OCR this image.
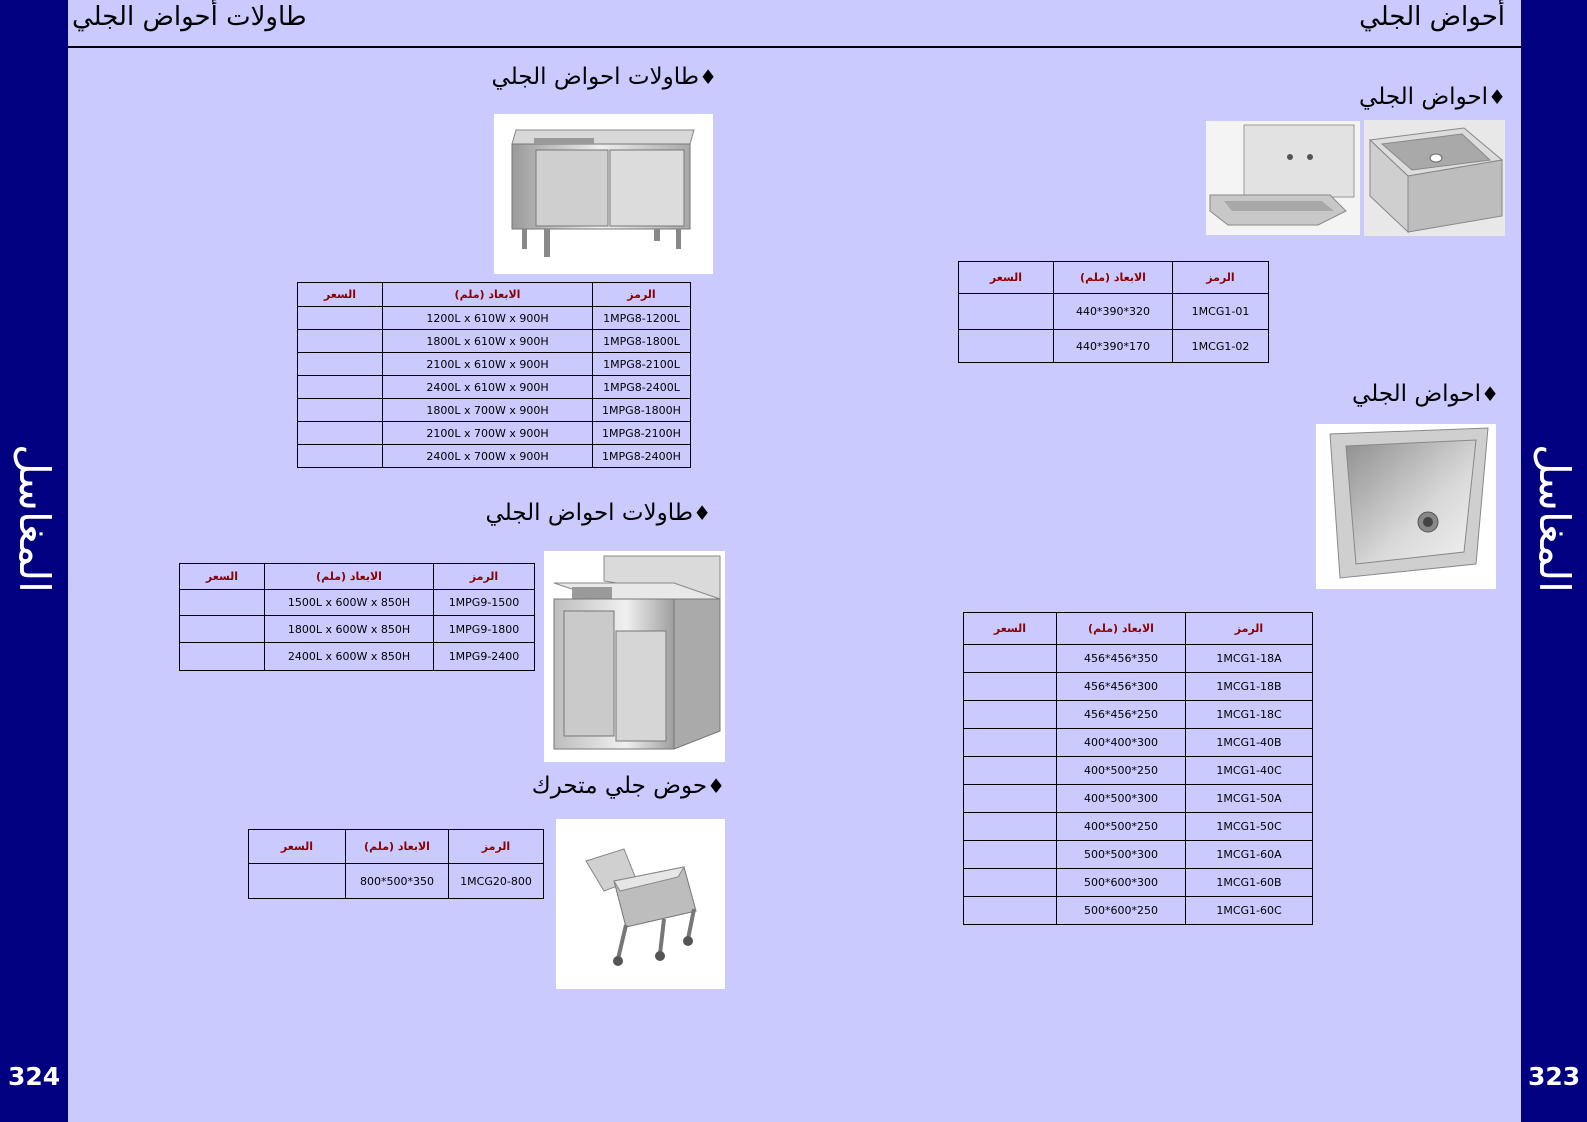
المغاسل
324
المغاسل
323
طاولات أحواض الجلي	أحواض الجلي
♦طاولات احواض الجلي
السعر	الابعاد (ملم)	الرمز
	1200L x 610W x 900H	1MPG8-1200L
	1800L x 610W x 900H	1MPG8-1800L
	2100L x 610W x 900H	1MPG8-2100L
	2400L x 610W x 900H	1MPG8-2400L
	1800L x 700W x 900H	1MPG8-1800H
	2100L x 700W x 900H	1MPG8-2100H
	2400L x 700W x 900H	1MPG8-2400H
♦طاولات احواض الجلي
السعر	الابعاد (ملم)	الرمز
	1500L x 600W x 850H	1MPG9-1500
	1800L x 600W x 850H	1MPG9-1800
	2400L x 600W x 850H	1MPG9-2400
♦حوض جلي متحرك
السعر	الابعاد (ملم)	الرمز
	800*500*350	1MCG20-800
♦احواض الجلي
السعر	الابعاد (ملم)	الرمز
	440*390*320	1MCG1-01
	440*390*170	1MCG1-02
♦احواض الجلي
السعر	الابعاد (ملم)	الرمز
	456*456*350	1MCG1-18A
	456*456*300	1MCG1-18B
	456*456*250	1MCG1-18C
	400*400*300	1MCG1-40B
	400*500*250	1MCG1-40C
	400*500*300	1MCG1-50A
	400*500*250	1MCG1-50C
	500*500*300	1MCG1-60A
	500*600*300	1MCG1-60B
	500*600*250	1MCG1-60C
